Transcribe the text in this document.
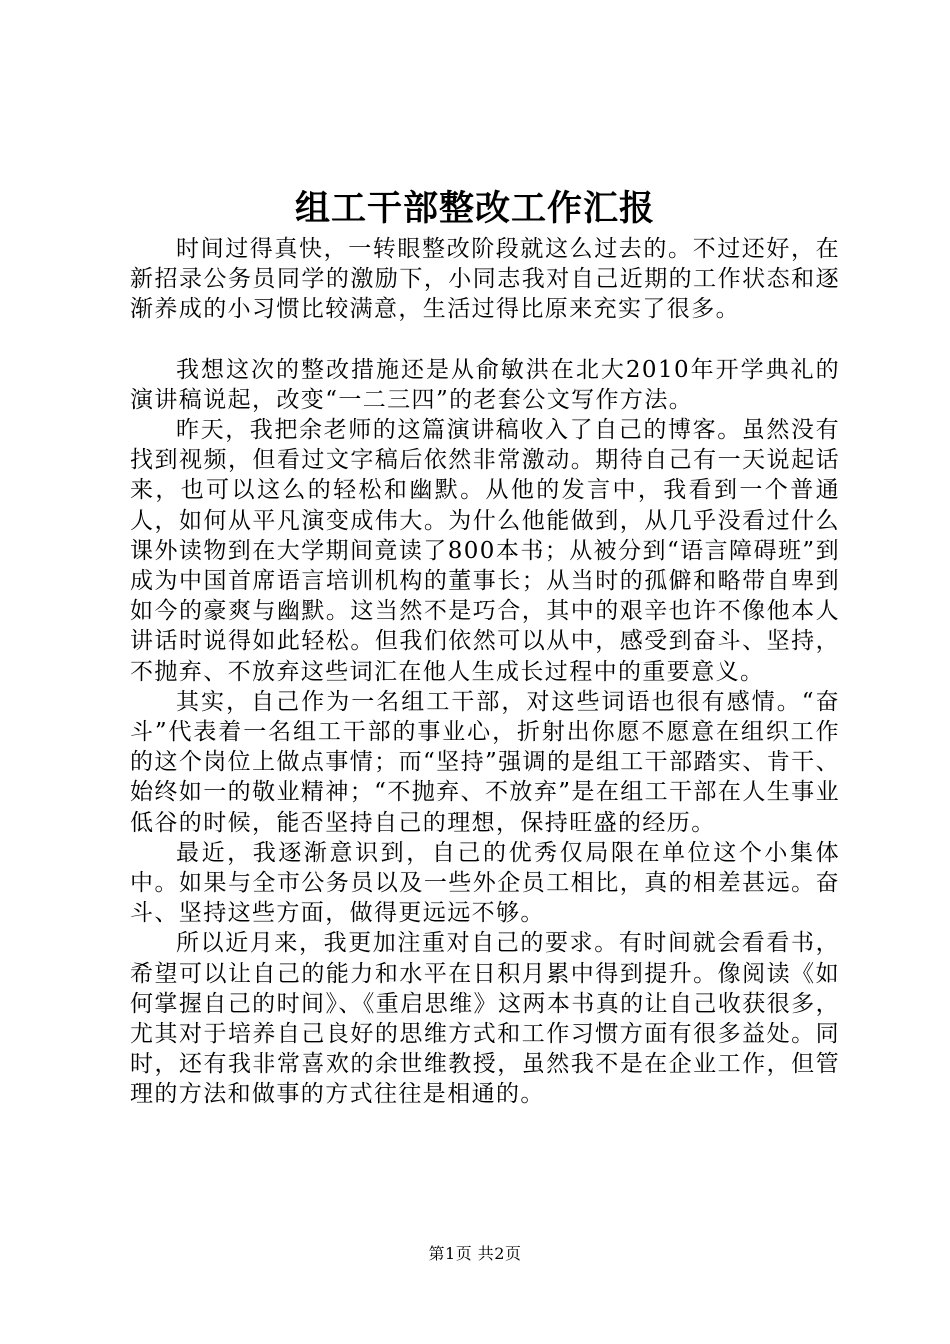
组工干部整改工作汇报

时间过得真快，一转眼整改阶段就这么过去的。不过还好，在新招录公务员同学的激励下，小同志我对自己近期的工作状态和逐渐养成的小习惯比较满意，生活过得比原来充实了很多。

我想这次的整改措施还是从俞敏洪在北大2010年开学典礼的演讲稿说起，改变“一二三四”的老套公文写作方法。

昨天，我把余老师的这篇演讲稿收入了自己的博客。虽然没有找到视频，但看过文字稿后依然非常激动。期待自己有一天说起话来，也可以这么的轻松和幽默。从他的发言中，我看到一个普通人，如何从平凡演变成伟大。为什么他能做到，从几乎没看过什么课外读物到在大学期间竟读了800本书；从被分到“语言障碍班”到成为中国首席语言培训机构的董事长；从当时的孤僻和略带自卑到如今的豪爽与幽默。这当然不是巧合，其中的艰辛也许不像他本人讲话时说得如此轻松。但我们依然可以从中，感受到奋斗、坚持，不抛弃、不放弃这些词汇在他人生成长过程中的重要意义。

其实，自己作为一名组工干部，对这些词语也很有感情。“奋斗”代表着一名组工干部的事业心，折射出你愿不愿意在组织工作的这个岗位上做点事情；而“坚持”强调的是组工干部踏实、肯干、始终如一的敬业精神；“不抛弃、不放弃”是在组工干部在人生事业低谷的时候，能否坚持自己的理想，保持旺盛的经历。

最近，我逐渐意识到，自己的优秀仅局限在单位这个小集体中。如果与全市公务员以及一些外企员工相比，真的相差甚远。奋斗、坚持这些方面，做得更远远不够。

所以近月来，我更加注重对自己的要求。有时间就会看看书，希望可以让自己的能力和水平在日积月累中得到提升。像阅读《如何掌握自己的时间》、《重启思维》这两本书真的让自己收获很多，尤其对于培养自己良好的思维方式和工作习惯方面有很多益处。同时，还有我非常喜欢的余世维教授，虽然我不是在企业工作，但管理的方法和做事的方式往往是相通的。

第1页 共2页
